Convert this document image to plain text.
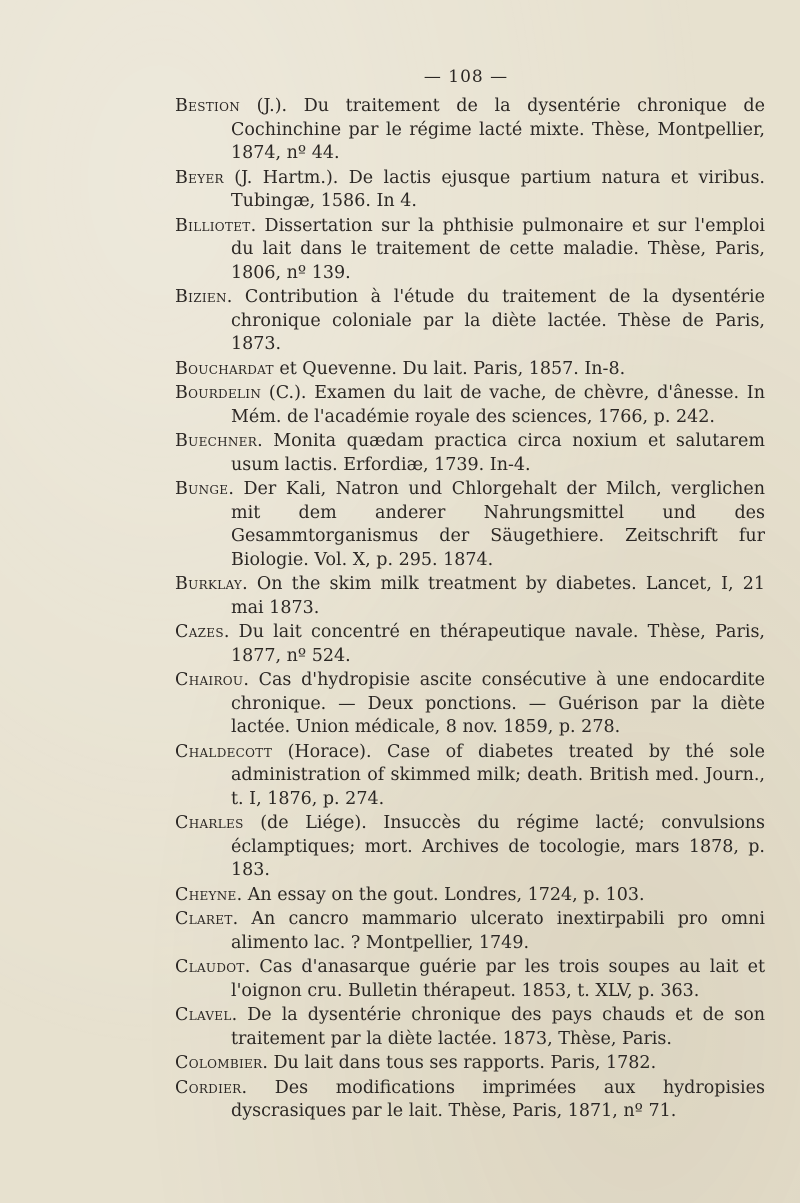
— 108 —

Bestion (J.). Du traitement de la dysentérie chronique de Cochinchine par le régime lacté mixte. Thèse, Montpellier, 1874, nº 44.

Beyer (J. Hartm.). De lactis ejusque partium natura et viribus. Tubingæ, 1586. In 4.

Billiotet. Dissertation sur la phthisie pulmonaire et sur l'emploi du lait dans le traitement de cette maladie. Thèse, Paris, 1806, nº 139.

Bizien. Contribution à l'étude du traitement de la dysentérie chronique coloniale par la diète lactée. Thèse de Paris, 1873.

Bouchardat et Quevenne. Du lait. Paris, 1857. In-8.

Bourdelin (C.). Examen du lait de vache, de chèvre, d'ânesse. In Mém. de l'académie royale des sciences, 1766, p. 242.

Buechner. Monita quædam practica circa noxium et salutarem usum lactis. Erfordiæ, 1739. In-4.

Bunge. Der Kali, Natron und Chlorgehalt der Milch, verglichen mit dem anderer Nahrungsmittel und des Gesammtorganismus der Säugethiere. Zeitschrift fur Biologie. Vol. X, p. 295. 1874.

Burklay. On the skim milk treatment by diabetes. Lancet, I, 21 mai 1873.

Cazes. Du lait concentré en thérapeutique navale. Thèse, Paris, 1877, nº 524.

Chairou. Cas d'hydropisie ascite consécutive à une endocardite chronique. — Deux ponctions. — Guérison par la diète lactée. Union médicale, 8 nov. 1859, p. 278.

Chaldecott (Horace). Case of diabetes treated by thé sole administration of skimmed milk; death. British med. Journ., t. I, 1876, p. 274.

Charles (de Liége). Insuccès du régime lacté; convulsions éclamptiques; mort. Archives de tocologie, mars 1878, p. 183.

Cheyne. An essay on the gout. Londres, 1724, p. 103.

Claret. An cancro mammario ulcerato inextirpabili pro omni alimento lac. ? Montpellier, 1749.

Claudot. Cas d'anasarque guérie par les trois soupes au lait et l'oignon cru. Bulletin thérapeut. 1853, t. XLV, p. 363.

Clavel. De la dysentérie chronique des pays chauds et de son traitement par la diète lactée. 1873, Thèse, Paris.

Colombier. Du lait dans tous ses rapports. Paris, 1782.

Cordier. Des modifications imprimées aux hydropisies dyscrasiques par le lait. Thèse, Paris, 1871, nº 71.
